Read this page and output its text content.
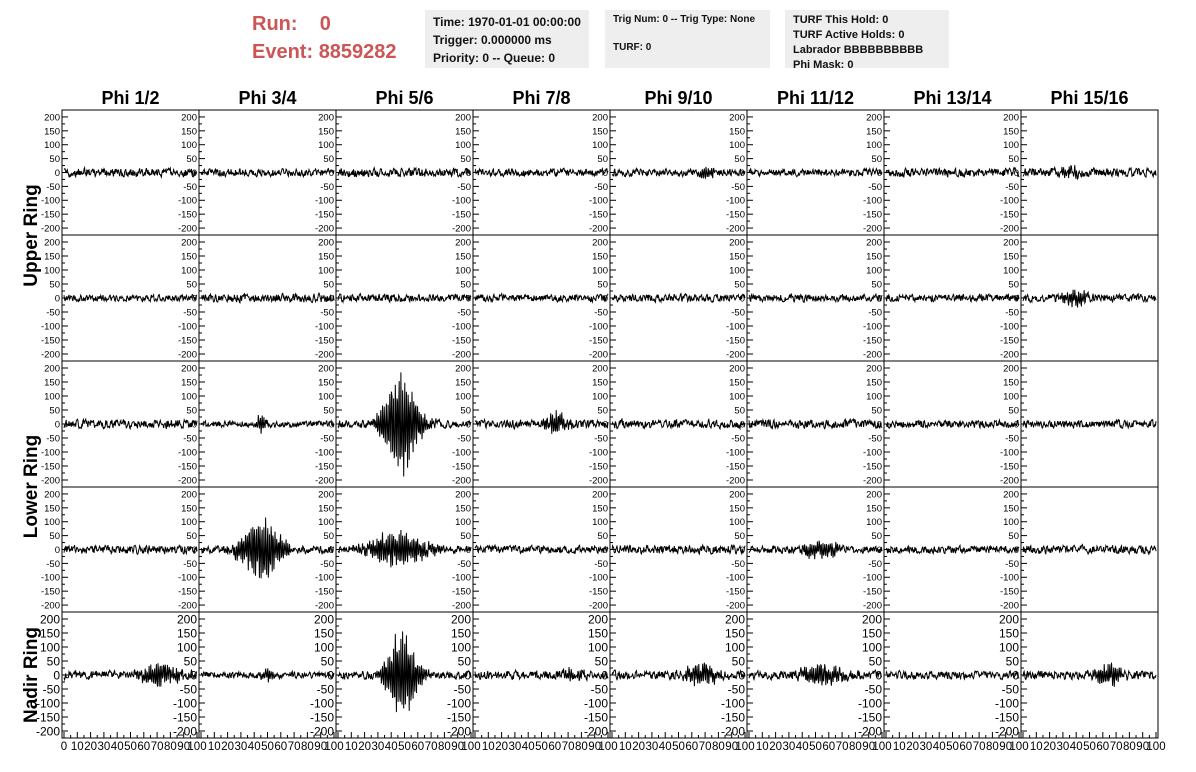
Run: 0
Event: 8859282
Time: 1970-01-01 00:00:00
Trigger: 0.000000 ms
Priority: 0 -- Queue: 0
Trig Num: 0 -- Trig Type: None
TURF: 0
TURF This Hold: 0
TURF Active Holds: 0
Labrador BBBBBBBBBB
Phi Mask: 0
Phi 1/2	Phi 3/4	Phi 5/6	Phi 7/8	Phi 9/10	Phi 11/12	Phi 13/14	Phi 15/16
Upper Ring
Lower Ring
Nadir Ring
200
150
100
50
0
-50
-100
-150
-200
200
150
100
50
0
-50
-100
-150
-200
200
150
100
50
0
-50
-100
-150
-200
200
150
100
50
0
-50
-100
-150
-200
200
150
100
50
0
-50
-100
-150
-200
200
150
100
50
0
-50
-100
-150
-200
200
150
100
50
0
-50
-100
-150
-200
200
150
100
50
0
-50
-100
-150
-200
200
150
100
50
0
-50
-100
-150
-200
200
150
100
50
0
-50
-100
-150
-200
200
150
100
50
0
-50
-100
-150
-200
200
150
100
50
0
-50
-100
-150
-200
200
150
100
50
0
-50
-100
-150
-200
200
150
100
50
0
-50
-100
-150
-200
200
150
100
50
0
-50
-100
-150
-200
200
150
100
50
0
-50
-100
-150
-200
200
150
100
50
0
-50
-100
-150
-200
200
150
100
50
0
-50
-100
-150
-200
200
150
100
50
0
-50
-100
-150
-200
200
150
100
50
0
-50
-100
-150
-200
200
150
100
50
0
-50
-100
-150
-200
200
150
100
50
0
-50
-100
-150
-200
200
150
100
50
0
-50
-100
-150
-200
200
150
100
50
0
-50
-100
-150
-200
200
150
100
50
0
-50
-100
-150
-200
200
150
100
50
0
-50
-100
-150
-200
200
150
100
50
0
-50
-100
-150
-200
200
150
100
50
0
-50
-100
-150
-200
200
150
100
50
0
-50
-100
-150
-200
200
150
100
50
0
-50
-100
-150
-200
200
150
100
50
0
-50
-100
-150
-200
200
150
100
50
0
-50
-100
-150
-200
200
150
100
50
0
-50
-100
-150
-200
0 10 20 30 40 50 60 70 80 90
100
200
150
100
50
0
-50
-100
-150
-200
10 20 30 40 50 60 70 80 90
100
200
150
100
50
0
-50
-100
-150
-200
10 20 30 40 50 60 70 80 90
100
200
150
100
50
0
-50
-100
-150
-200
10 20 30 40 50 60 70 80 90
100
200
150
100
50
0
-50
-100
-150
-200
10 20 30 40 50 60 70 80 90
100
200
150
100
50
0
-50
-100
-150
-200
10 20 30 40 50 60 70 80 90
100
200
150
100
50
0
-50
-100
-150
-200
10 20 30 40 50 60 70 80 90
100
200
150
100
50
0
-50
-100
-150
-200
10 20 30 40 50 60 70 80 90
100
